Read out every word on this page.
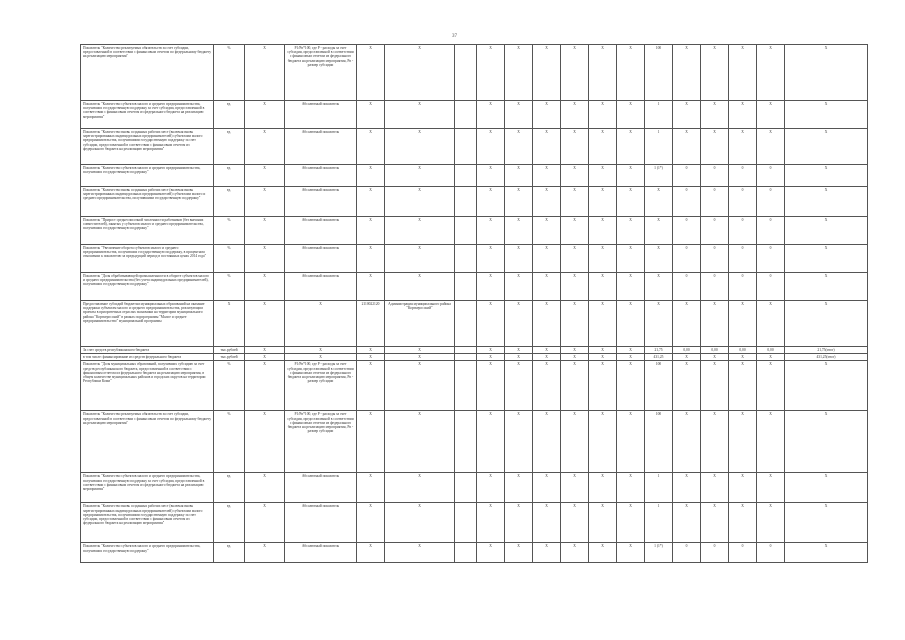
37
Показатель "Количество реализуемых обязательств за счет субсидии, предоставленной в соответствии с финансовым отчетом по федеральному бюджету на реализацию мероприятия"	%	X	P1/Pn*100, где P - расходы за счет субсидии, предоставленной в соответствии с финансовым отчетом из федерального бюджета на реализацию мероприятия, Pn - размер субсидии	X	X		X	X	X	X	X	X	100	X	X	X	X	X
Показатель "Количество субъектов малого и среднего предпринимательства, получивших государственную поддержку за счет субсидии, предоставленной в соответствии с финансовым отчетом из федерального бюджета на реализацию мероприятия"	ед.	X	Абсолютный показатель	X	X		X	X	X	X	X	X	1	X	X	X	X	X
Показатель "Количество вновь созданных рабочих мест (включая вновь зарегистрированных индивидуальных предпринимателей) субъектами малого предпринимательства, получившими государственную поддержку за счет субсидии, предоставленной в соответствии с финансовым отчетом из федерального бюджета на реализацию мероприятия"	ед.	X	Абсолютный показатель	X	X		X	X	X	X	X	X	1	X	X	X	X	X
Показатель "Количество субъектов малого и среднего предпринимательства, получивших государственную поддержку"	ед.	X	Абсолютный показатель	X	X		X	X	X	X	X	X	1 (1*)	0	0	0	0	X
Показатель "Количество вновь созданных рабочих мест (включая вновь зарегистрированных индивидуальных предпринимателей) субъектами малого и среднего предпринимательства, получившими государственную поддержку"	ед.	X	Абсолютный показатель	X	X		X	X	X	X	X	X	X	0	0	0	0	X
Показатель "Прирост среднесписочной численности работников (без внешних совместителей), занятых у субъектов малого и среднего предпринимательства, получивших государственную поддержку"	%	X	Абсолютный показатель	X	X		X	X	X	X	X	X	X	0	0	0	0	X
Показатель "Увеличение оборота субъектов малого и среднего предпринимательства, получивших государственную поддержку, в процентном отношении к показателю за предыдущий период в постоянных ценах 2014 года"	%	X	Абсолютный показатель	X	X		X	X	X	X	X	X	X	0	0	0	0	X
Показатель "Доля обрабатывающей промышленности в обороте субъектов малого и среднего предпринимательства (без учета индивидуальных предпринимателей), получивших государственную поддержку"	%	X	Абсолютный показатель	X	X		X	X	X	X	X	X	X	0	0	0	0	X
Предоставление субсидий бюджетам муниципальных образований на оказание поддержки субъектам малого и среднего предпринимательства, реализующим проекты в приоритетных отраслях экономики на территории муниципального района "Корткеросский" в рамках подпрограммы "Малое и среднее предпринимательство" муниципальной программы	X	X	X	2110022120	Администрация муниципального района "Корткеросский"		X	X	X	X	X	X	X	X	X	X	X	X
За счет средств республиканского бюджета	тыс.рублей	X	X	X	X		X	X	X	X	X	X	21,75	0,00	0,00	0,00	0,00	21,75(итог)
в том числе: финансирование из средств федерального бюджета	тыс.рублей	X	X	X	X		X	X	X	X	X	X	431,25	X	X	X	X	431,25(итог)
Показатель "Доля муниципальных образований, получивших субсидию за счет средств республиканского бюджета, предоставленной в соответствии с финансовым отчетом из федерального бюджета на реализацию мероприятия, в общем количестве муниципальных районов и городских округов на территории Республики Коми"	%	X	P1/Pn*100, где P - расходы за счет субсидии, предоставленной в соответствии с финансовым отчетом из федерального бюджета на реализацию мероприятия, Pn - размер субсидии	X	X		X	X	X	X	X	X	100	X	X	X	X	X
Показатель "Количество реализуемых обязательств за счет субсидии, предоставленной в соответствии с финансовым отчетом по федеральному бюджету на реализацию мероприятия"	%	X	P1/Pn*100, где P - расходы за счет субсидии, предоставленной в соответствии с финансовым отчетом из федерального бюджета на реализацию мероприятия, Pn - размер субсидии	X	X		X	X	X	X	X	X	100	X	X	X	X	X
Показатель "Количество субъектов малого и среднего предпринимательства, получивших государственную поддержку за счет субсидии, предоставленной в соответствии с финансовым отчетом из федерального бюджета на реализацию мероприятия"	ед.	X	Абсолютный показатель	X	X		X	X	X	X	X	X	1	X	X	X	X	X
Показатель "Количество вновь созданных рабочих мест (включая вновь зарегистрированных индивидуальных предпринимателей) субъектами малого предпринимательства, получившими государственную поддержку за счет субсидии, предоставленной в соответствии с финансовым отчетом из федерального бюджета на реализацию мероприятия"	ед.	X	Абсолютный показатель	X	X		X	X	X	X	X	X	1	X	X	X	X	X
Показатель "Количество субъектов малого и среднего предпринимательства, получивших государственную поддержку"	ед.	X	Абсолютный показатель	X	X		X	X	X	X	X	X	1 (1*)	0	0	0	0	X
